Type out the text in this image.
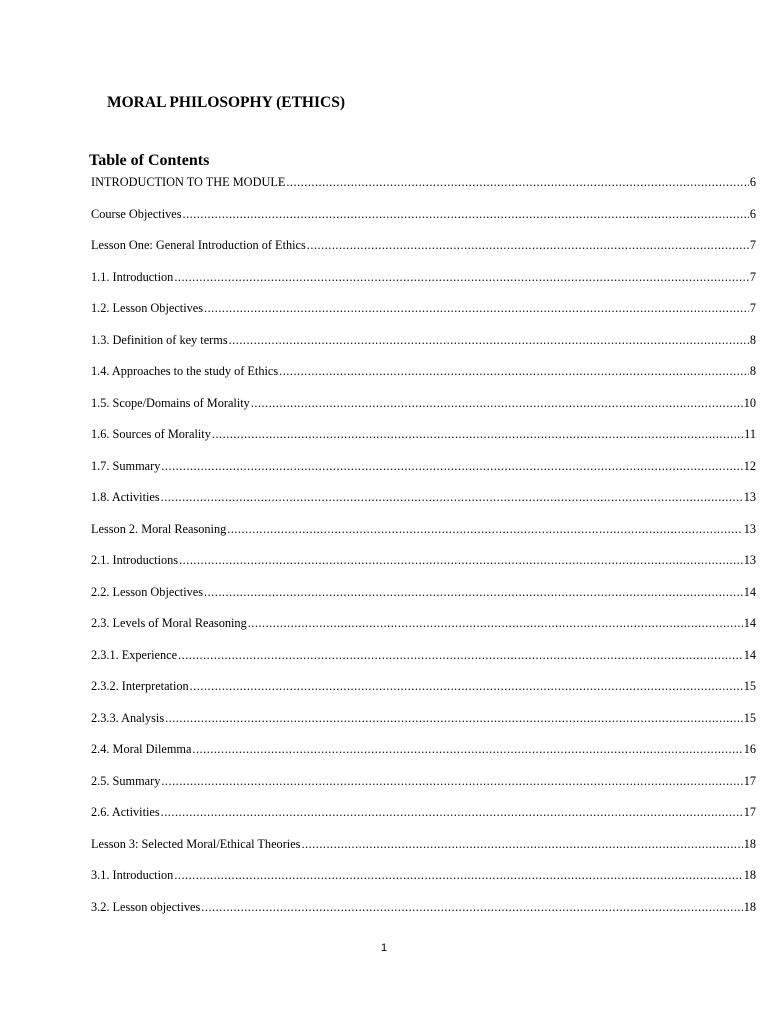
MORAL PHILOSOPHY (ETHICS)
Table of Contents
INTRODUCTION TO THE MODULE .....	6
Course Objectives .....	6
Lesson One: General Introduction of Ethics .....	7
1.1. Introduction .....	7
1.2. Lesson Objectives .....	7
1.3. Definition of key terms .....	8
1.4. Approaches to the study of Ethics .....	8
1.5. Scope/Domains of Morality .....	10
1.6. Sources of Morality .....	11
1.7. Summary .....	12
1.8. Activities .....	13
Lesson 2. Moral Reasoning .....	13
2.1. Introductions .....	13
2.2. Lesson Objectives .....	14
2.3. Levels of Moral Reasoning .....	14
2.3.1. Experience .....	14
2.3.2. Interpretation .....	15
2.3.3. Analysis .....	15
2.4. Moral Dilemma .....	16
2.5. Summary .....	17
2.6. Activities .....	17
Lesson 3: Selected Moral/Ethical Theories .....	18
3.1. Introduction .....	18
3.2. Lesson objectives .....	18
1
